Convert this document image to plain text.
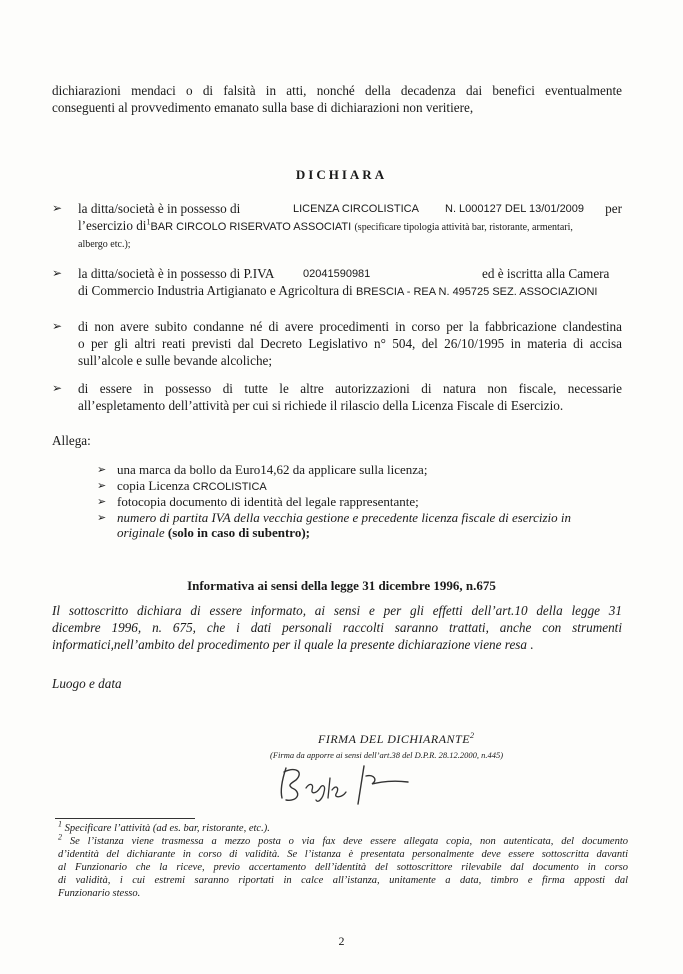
dichiarazioni mendaci o di falsità in atti, nonché della decadenza dai benefici eventualmente
conseguenti al provvedimento emanato sulla base di dichiarazioni non veritiere,
DICHIARA
➢ la ditta/società è in possesso di	LICENZA CIRCOLISTICA N. L000127 DEL 13/01/2009 per
l’esercizio $di^1BAR$ CIRCOLO RISERVATO ASSOCIATI (specificare tipologia attività bar, ristorante, armentari,
albergo etc.);
➢ la ditta/società è in possesso di P.IVA	02041590981	ed è iscritta alla Camera
di Commercio Industria Artigianato e Agricoltura di BRESCIA - REA N. 495725 SEZ. ASSOCIAZIONI
➢ di non avere subito condanne né di avere procedimenti in corso per la fabbricazione clandestina
o per gli altri reati previsti dal Decreto Legislativo n° 504, del 26/10/1995 in materia di accisa
sull’alcole e sulle bevande alcoliche;
➢ di essere in possesso di tutte le altre autorizzazioni di natura non fiscale, necessarie
all’espletamento dell’attività per cui si richiede il rilascio della Licenza Fiscale di Esercizio.
Allega:
➢ una marca da bollo da Euro14,62 da applicare sulla licenza;
➢ copia Licenza CRCOLISTICA
➢ fotocopia documento di identità del legale rappresentante;
➢ numero di partita IVA della vecchia gestione e precedente licenza fiscale di esercizio in
originale (solo in caso di subentro);
Informativa ai sensi della legge 31 dicembre 1996, n.675
Il sottoscritto dichiara di essere informato, ai sensi e per gli effetti dell’art.10 della legge 31
dicembre 1996, n. 675, che i dati personali raccolti saranno trattati, anche con strumenti
informatici,nell’ambito del procedimento per il quale la presente dichiarazione viene resa .
Luogo e data
FIRMA DEL DICHIARANTE$^2$
(Firma da apporre ai sensi dell’art.38 del D.P.R. 28.12.2000, n.445)
$^1$ Specificare l’attività (ad es. bar, ristorante, etc.).
$^2$ Se l’istanza viene trasmessa a mezzo posta o via fax deve essere allegata copia, non autenticata, del documento
d’identità del dichiarante in corso di validità. Se l’istanza è presentata personalmente deve essere sottoscritta davanti
al Funzionario che la riceve, previo accertamento dell’identità del sottoscrittore rilevabile dal documento in corso
di validità, i cui estremi saranno riportati in calce all’istanza, unitamente a data, timbro e firma apposti dal
Funzionario stesso.
2
